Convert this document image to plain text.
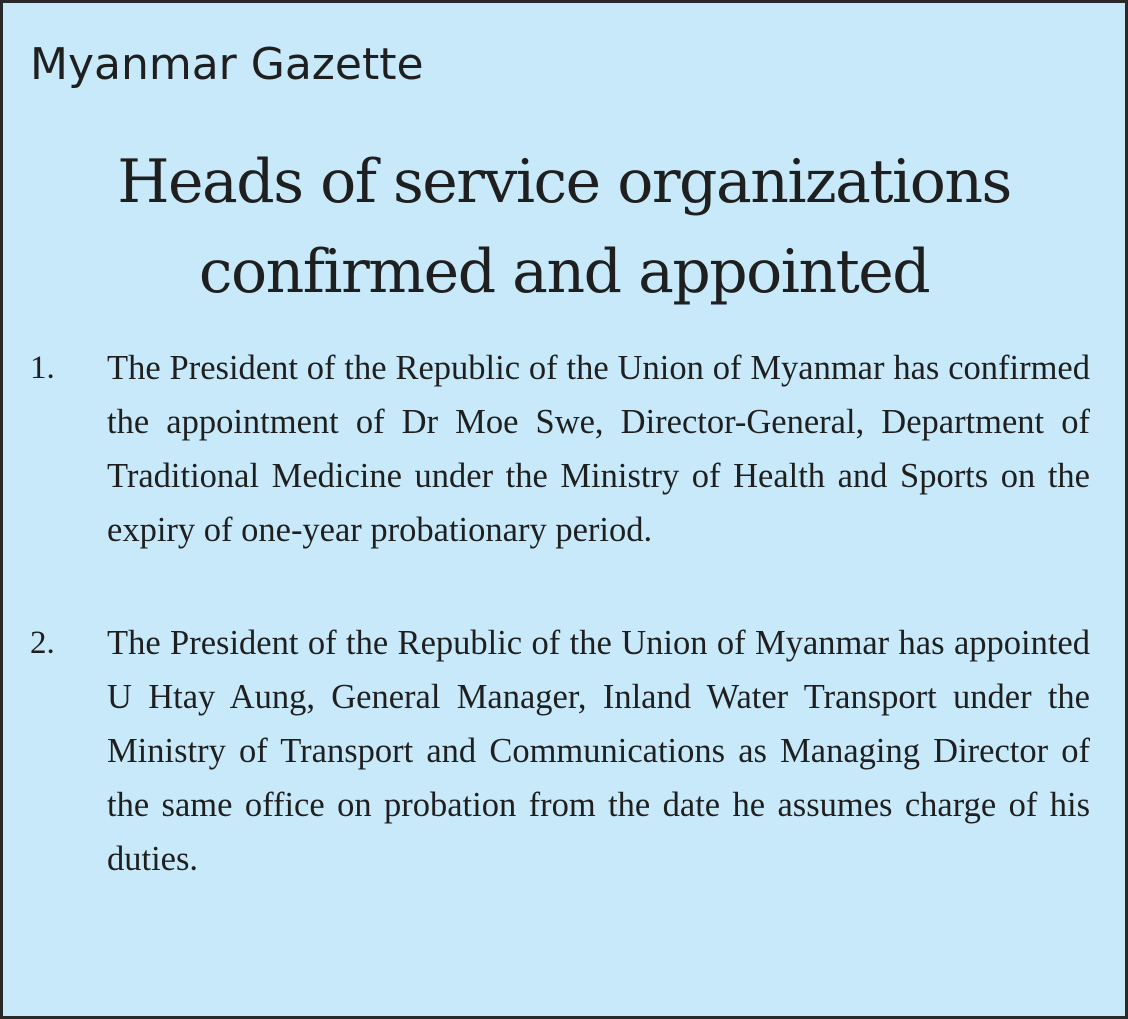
Myanmar Gazette

Heads of service organizations confirmed and appointed
1.	The President of the Republic of the Union of Myanmar has confirmed the appointment of Dr Moe Swe, Director-General, Department of Traditional Medicine under the Ministry of Health and Sports on the expiry of one-year probationary period.
2.	The President of the Republic of the Union of Myanmar has appointed U Htay Aung, General Manager, Inland Water Transport under the Ministry of Transport and Communications as Managing Director of the same office on probation from the date he assumes charge of his duties.
